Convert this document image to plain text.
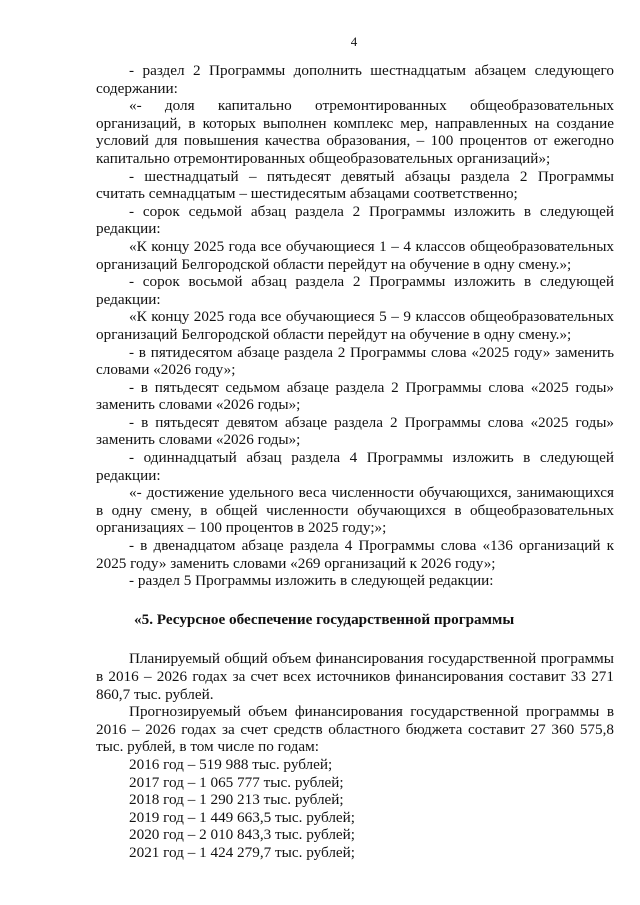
4

- раздел 2 Программы дополнить шестнадцатым абзацем следующего содержании:

«- доля капитально отремонтированных общеобразовательных организаций, в которых выполнен комплекс мер, направленных на создание условий для повышения качества образования, – 100 процентов от ежегодно капитально отремонтированных общеобразовательных организаций»;

- шестнадцатый – пятьдесят девятый абзацы раздела 2 Программы считать семнадцатым – шестидесятым абзацами соответственно;

- сорок седьмой абзац раздела 2 Программы изложить в следующей редакции:

«К концу 2025 года все обучающиеся 1 – 4 классов общеобразовательных организаций Белгородской области перейдут на обучение в одну смену.»;

- сорок восьмой абзац раздела 2 Программы изложить в следующей редакции:

«К концу 2025 года все обучающиеся 5 – 9 классов общеобразовательных организаций Белгородской области перейдут на обучение в одну смену.»;

- в пятидесятом абзаце раздела 2 Программы слова «2025 году» заменить словами «2026 году»;

- в пятьдесят седьмом абзаце раздела 2 Программы слова «2025 годы» заменить словами «2026 годы»;

- в пятьдесят девятом абзаце раздела 2 Программы слова «2025 годы» заменить словами «2026 годы»;

- одиннадцатый абзац раздела 4 Программы изложить в следующей редакции:

«- достижение удельного веса численности обучающихся, занимающихся в одну смену, в общей численности обучающихся в общеобразовательных организациях – 100 процентов в 2025 году;»;

- в двенадцатом абзаце раздела 4 Программы слова «136 организаций к 2025 году» заменить словами «269 организаций к 2026 году»;

- раздел 5 Программы изложить в следующей редакции:

«5. Ресурсное обеспечение государственной программы

Планируемый общий объем финансирования государственной программы в 2016 – 2026 годах за счет всех источников финансирования составит 33 271 860,7 тыс. рублей.

Прогнозируемый объем финансирования государственной программы в 2016 – 2026 годах за счет средств областного бюджета составит 27 360 575,8 тыс. рублей, в том числе по годам:

2016 год – 519 988 тыс. рублей;

2017 год – 1 065 777 тыс. рублей;

2018 год – 1 290 213 тыс. рублей;

2019 год – 1 449 663,5 тыс. рублей;

2020 год – 2 010 843,3 тыс. рублей;

2021 год – 1 424 279,7 тыс. рублей;
